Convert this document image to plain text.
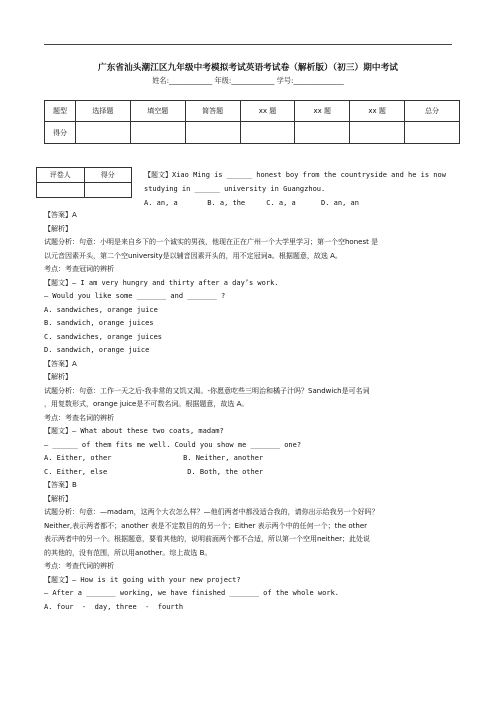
广东省汕头潮江区九年级中考模拟考试英语考试卷（解析版）（初三）期中考试
姓名:____________ 年级:____________ 学号:______________
题型	选择题	填空题	简答题	xx 题	xx 题	xx 题	总分
得分							
评卷人	得分
		【题文】Xiao Ming is ______ honest boy from the countryside and he is now
studying in ______ university in Guangzhou.
A. an, a       B. a, the     C. a, a      D. an, an
【答案】A
【解析】
试题分析：句意：小明是来自乡下的一个诚实的男孩，他现在正在广州一个大学里学习；第一个空honest 是
以元音因素开头，第二个空university是以辅音因素开头的，用不定冠词a。根据题意，故选 A。
考点：考查冠词的辨析
【题文】— I am very hungry and thirty after a day’s work.
— Would you like some _______ and _______ ?
A. sandwiches, orange juice
B. sandwich, orange juices
C. sandwiches, orange juices
D. sandwich, orange juice
【答案】A
【解析】
试题分析：句意：工作一天之后-我非常的又饥又渴。-你愿意吃些三明治和橘子汁吗？Sandwich是可名词
，用复数形式，orange juice是不可数名词。根据题意，故选 A。
考点：考查名词的辨析
【题文】— What about these two coats, madam?
— ______ of them fits me well. Could you show me _______ one?
A. Either, other                 B. Neither, another
C. Either, else                   D. Both, the other
【答案】B
【解析】
试题分析：句意：—madam，这两个大衣怎么样？—他们两者中都没适合我的，请你出示给我另一个好吗？
Neither,表示两者都不；another 表是不定数目的的另一个；Either 表示两个中的任何一个；the other
表示两者中的另一个。根据题意，要看其他的，说明前面两个都不合适，所以第一个空用neither；此处说
的其他的，没有范围，所以用another。综上故选 B。
考点：考查代词的辨析
【题文】— How is it going with your new project?
— After a _______ working, we have finished _______ of the whole work.
A. four  -  day, three  -  fourth
